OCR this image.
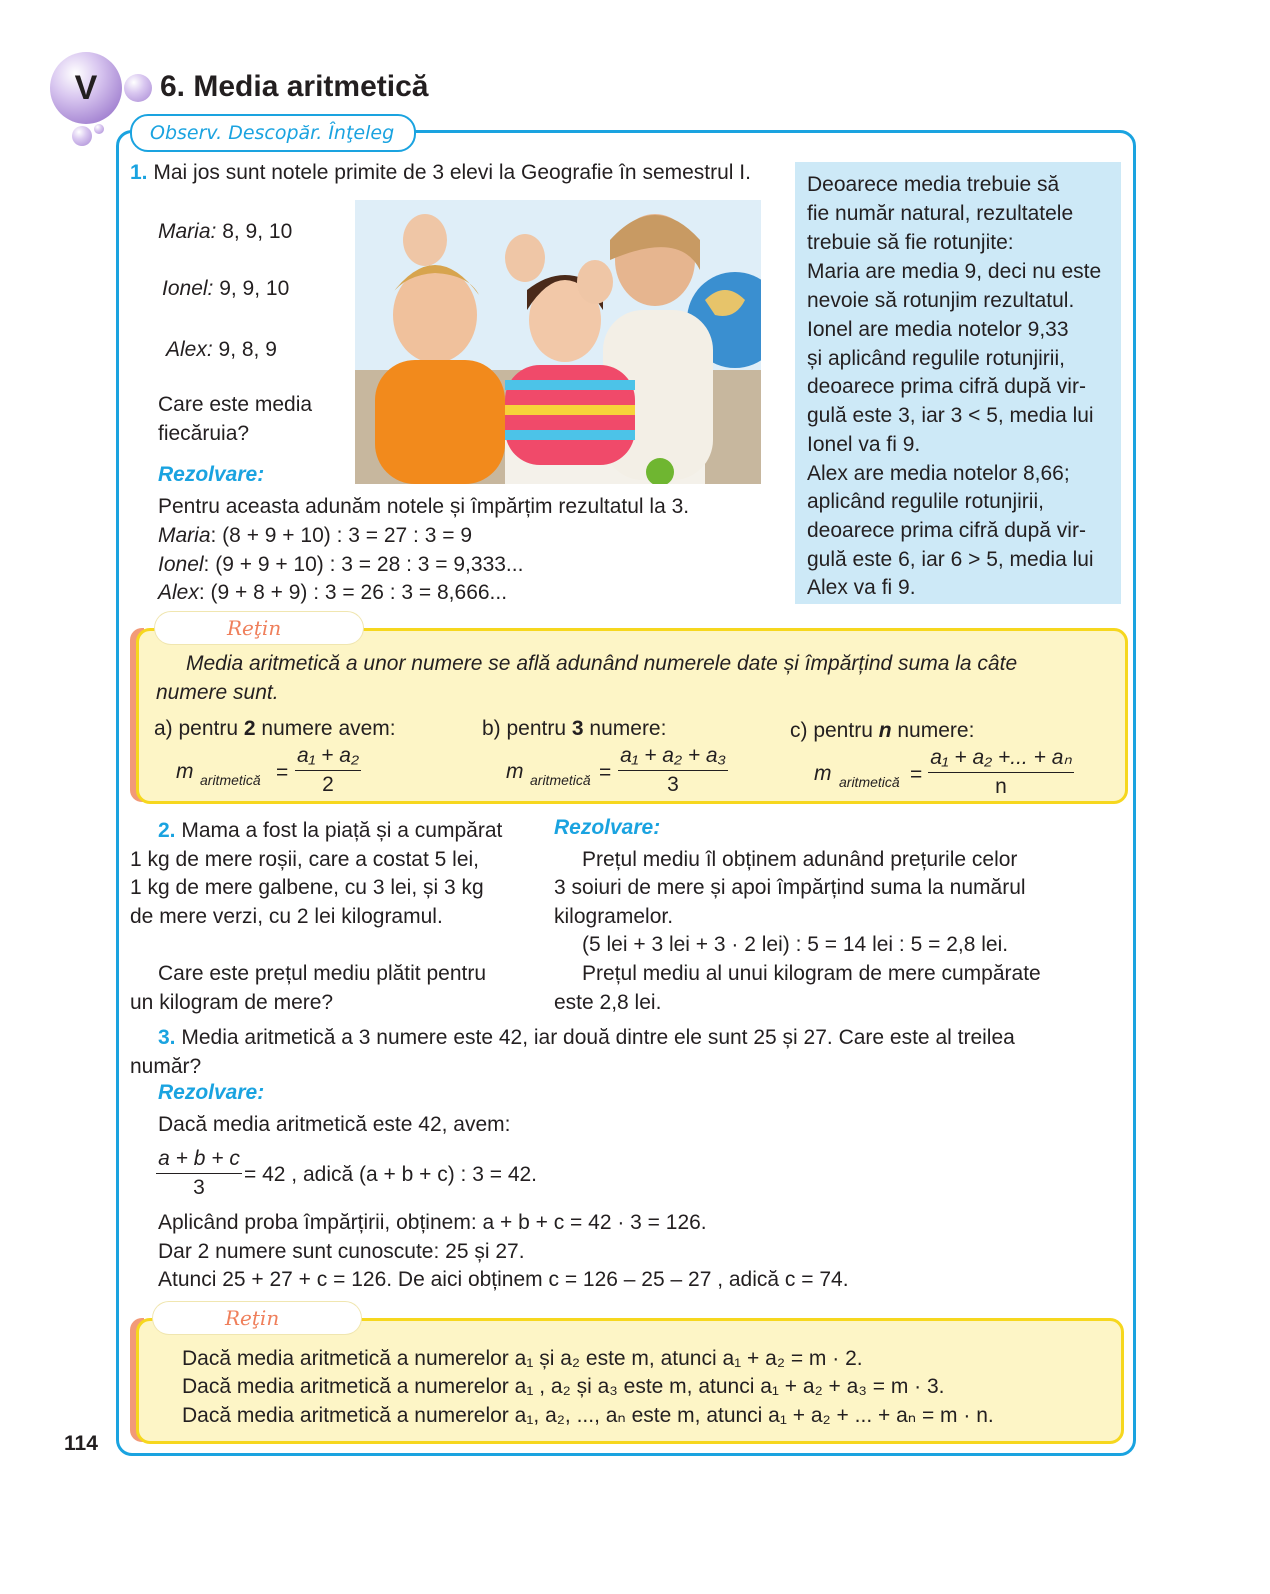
V 6. Media aritmetică
Observ. Descopăr. Înţeleg
1. Mai jos sunt notele primite de 3 elevi la Geografie în semestrul I.
Maria: 8, 9, 10
Ionel: 9, 9, 10
Alex: 9, 8, 9
Care este media
fiecăruia?
Rezolvare:
Pentru aceasta adunăm notele și împărțim rezultatul la 3.
Maria: (8 + 9 + 10) : 3 = 27 : 3 = 9
Ionel: (9 + 9 + 10) : 3 = 28 : 3 = 9,333...
Alex: (9 + 8 + 9) : 3 = 26 : 3 = 8,666...
Deoarece media trebuie să
fie număr natural, rezultatele
trebuie să fie rotunjite:
Maria are media 9, deci nu este
nevoie să rotunjim rezultatul.
Ionel are media notelor 9,33
și aplicând regulile rotunjirii,
deoarece prima cifră după vir-
gulă este 3, iar 3 < 5, media lui
Ionel va fi 9.
Alex are media notelor 8,66;
aplicând regulile rotunjirii,
deoarece prima cifră după vir-
gulă este 6, iar 6 > 5, media lui
Alex va fi 9.
Reţin
Media aritmetică a unor numere se află adunând numerele date și împărțind suma la câte
numere sunt.
a) pentru 2 numere avem:	b) pentru 3 numere:	c) pentru n numere:
m aritmetică = $\frac{\text{a₁ + a₂}}{2}$	m aritmetică = $\frac{\text{a₁ + a₂ + a₃}}{3}$	m aritmetică = $\frac{\text{a₁ + a₂ +... + aₙ}}{n}$
2. Mama a fost la piață și a cumpărat
1 kg de mere roșii, care a costat 5 lei,
1 kg de mere galbene, cu 3 lei, și 3 kg
de mere verzi, cu 2 lei kilogramul.
Care este prețul mediu plătit pentru
un kilogram de mere?
Rezolvare:
Prețul mediu îl obținem adunând prețurile celor
3 soiuri de mere și apoi împărțind suma la numărul
kilogramelor.
(5 lei + 3 lei + 3 · 2 lei) : 5 = 14 lei : 5 = 2,8 lei.
Prețul mediu al unui kilogram de mere cumpărate
este 2,8 lei.
3. Media aritmetică a 3 numere este 42, iar două dintre ele sunt 25 și 27. Care este al treilea
număr?
Rezolvare:
Dacă media aritmetică este 42, avem:
$\frac{a + b + c}{3} = 42$ , adică (a + b + c) : 3 = 42.
Aplicând proba împărțirii, obținem: a + b + c = 42 · 3 = 126.
Dar 2 numere sunt cunoscute: 25 și 27.
Atunci 25 + 27 + c = 126. De aici obținem c = 126 – 25 – 27 , adică c = 74.
Reţin
Dacă media aritmetică a numerelor a₁ și a₂ este m, atunci a₁ + a₂ = m · 2.
Dacă media aritmetică a numerelor a₁ , a₂ și a₃ este m, atunci a₁ + a₂ + a₃ = m · 3.
Dacă media aritmetică a numerelor a₁, a₂, ..., aₙ este m, atunci a₁ + a₂ + ... + aₙ = m · n.
114
